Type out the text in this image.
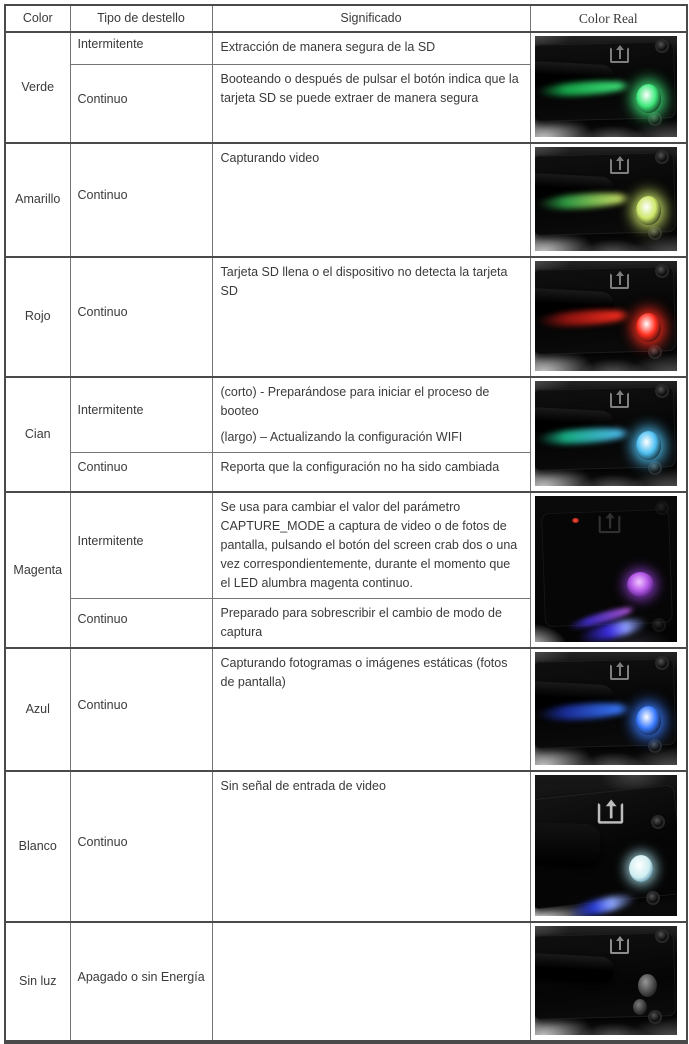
Color	Tipo de destello	Significado	Color Real
Verde	Intermitente	Extracción de manera segura de la SD	

	Continuo	Booteando o después de pulsar el botón indica que la tarjeta SD se puede extraer de manera segura	
Amarillo	Continuo	Capturando video	

Rojo	Continuo	Tarjeta SD llena o el dispositivo no detecta la tarjeta SD	

Cian	Intermitente	(corto) - Preparándose para iniciar el proceso de booteo
(largo) – Actualizando la configuración WIFI	

	Continuo	Reporta que la configuración no ha sido cambiada	
Magenta	Intermitente	Se usa para cambiar el valor del parámetro CAPTURE_MODE a captura de video o de fotos de pantalla, pulsando el botón del screen crab dos o una vez correspondientemente, durante el momento que el LED alumbra magenta continuo.	

	Continuo	Preparado para sobrescribir el cambio de modo de captura	
Azul	Continuo	Capturando fotogramas o imágenes estáticas (fotos de pantalla)	

Blanco	Continuo	Sin señal de entrada de video	

Sin luz	Apagado o sin Energía		
